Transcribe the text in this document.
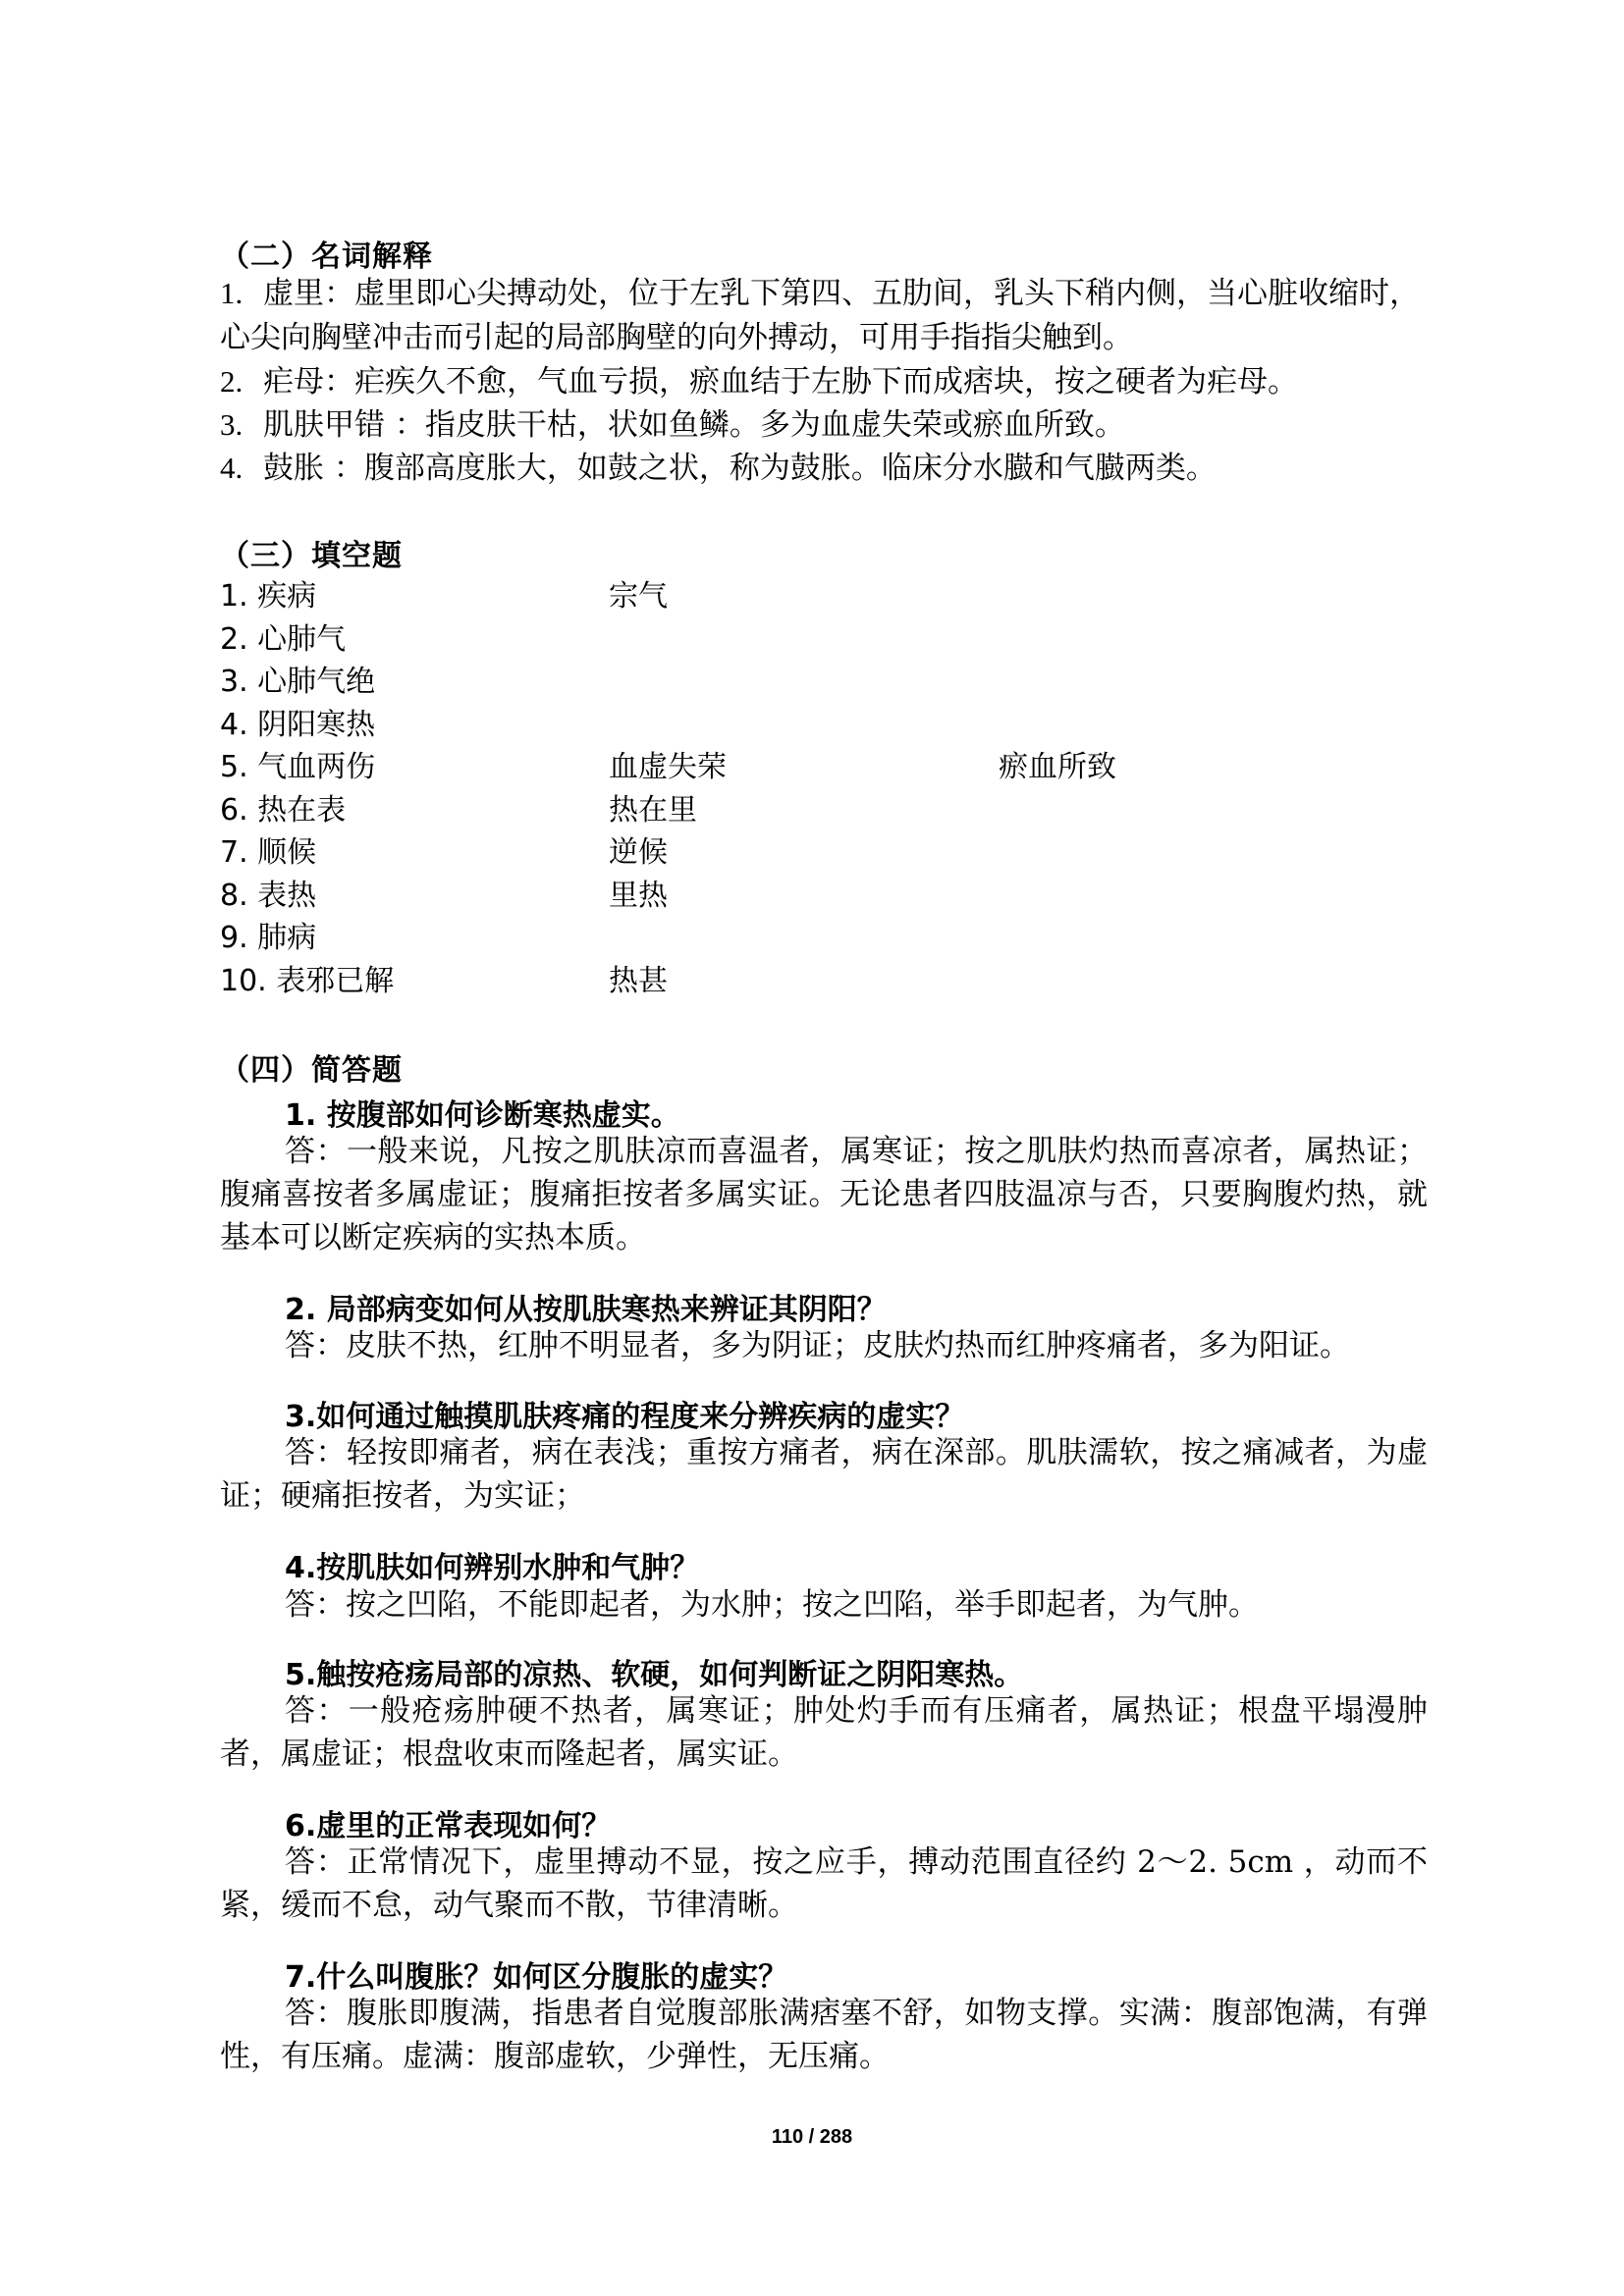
（二）名词解释
1. 虚里：虚里即心尖搏动处，位于左乳下第四、五肋间，乳头下稍内侧，当心脏收缩时，心尖向胸壁冲击而引起的局部胸壁的向外搏动，可用手指指尖触到。
2. 疟母：疟疾久不愈，气血亏损，瘀血结于左胁下而成痞块，按之硬者为疟母。
3. 肌肤甲错 ：指皮肤干枯，状如鱼鳞。多为血虚失荣或瘀血所致。
4. 鼓胀 ：腹部高度胀大，如鼓之状，称为鼓胀。临床分水臌和气臌两类。
（三）填空题
1. 疾病	宗气
2. 心肺气
3. 心肺气绝
4. 阴阳寒热
5. 气血两伤	血虚失荣	瘀血所致
6. 热在表	热在里
7. 顺候	逆候
8. 表热	里热
9. 肺病
10. 表邪已解	热甚
（四）简答题
1. 按腹部如何诊断寒热虚实。
答：一般来说，凡按之肌肤凉而喜温者，属寒证；按之肌肤灼热而喜凉者，属热证；腹痛喜按者多属虚证；腹痛拒按者多属实证。无论患者四肢温凉与否，只要胸腹灼热，就基本可以断定疾病的实热本质。
2. 局部病变如何从按肌肤寒热来辨证其阴阳？
答：皮肤不热，红肿不明显者，多为阴证；皮肤灼热而红肿疼痛者，多为阳证。
3.如何通过触摸肌肤疼痛的程度来分辨疾病的虚实？
答：轻按即痛者，病在表浅；重按方痛者，病在深部。肌肤濡软，按之痛减者，为虚证；硬痛拒按者，为实证；
4.按肌肤如何辨别水肿和气肿？
答：按之凹陷，不能即起者，为水肿；按之凹陷，举手即起者，为气肿。
5.触按疮疡局部的凉热、软硬，如何判断证之阴阳寒热。
答：一般疮疡肿硬不热者，属寒证；肿处灼手而有压痛者，属热证；根盘平塌漫肿者，属虚证；根盘收束而隆起者，属实证。
6.虚里的正常表现如何？
答：正常情况下，虚里搏动不显，按之应手，搏动范围直径约 2～2. 5cm ，动而不紧，缓而不怠，动气聚而不散，节律清晰。
7.什么叫腹胀？如何区分腹胀的虚实？
答：腹胀即腹满，指患者自觉腹部胀满痞塞不舒，如物支撑。实满：腹部饱满，有弹性，有压痛。虚满：腹部虚软，少弹性，无压痛。
110 / 288
